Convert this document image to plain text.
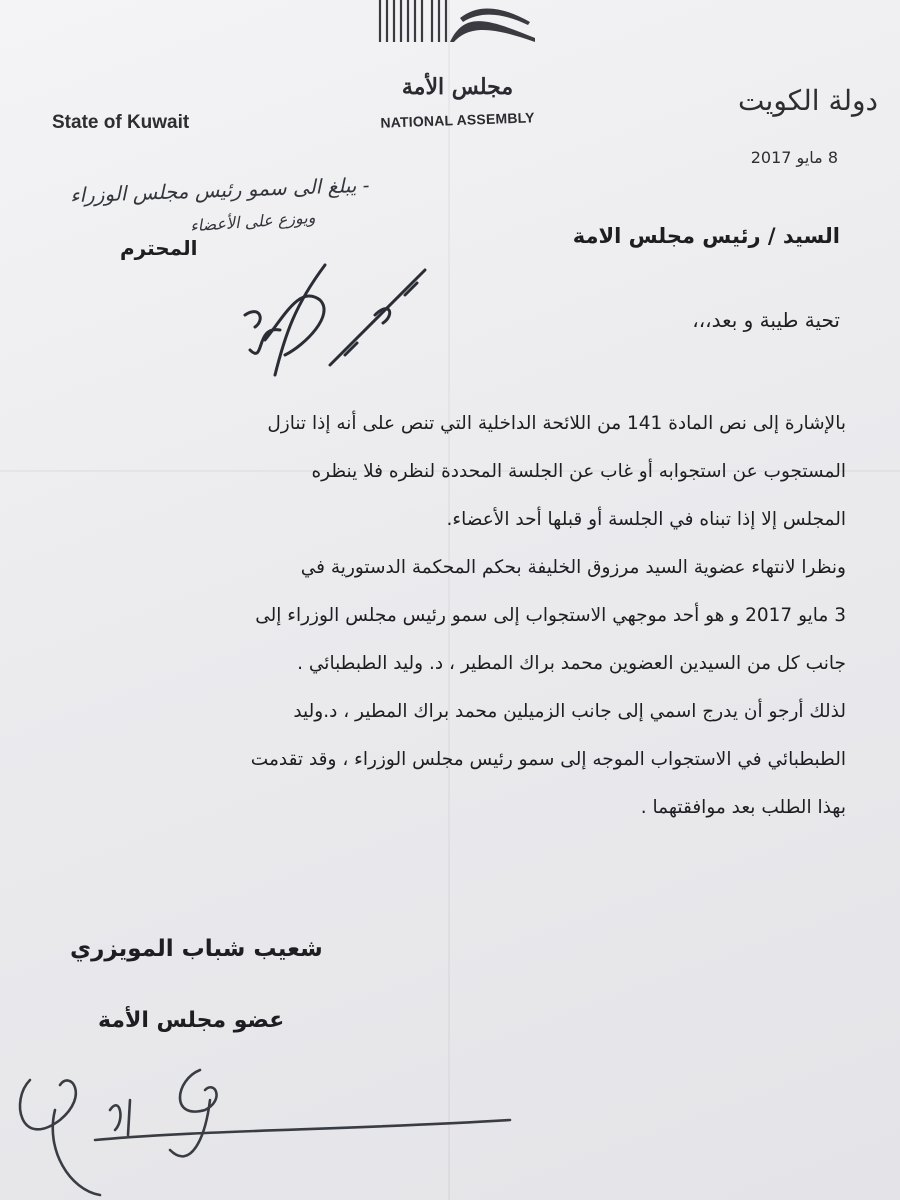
مجلس الأمة
NATIONAL ASSEMBLY
State of Kuwait
دولة الكويت
8 مايو 2017
- يبلغ الى سمو رئيس مجلس الوزراء
ويوزع على الأعضاء
المحترم	السيد / رئيس مجلس الامة
تحية طيبة و بعد،،،
بالإشارة إلى نص المادة 141 من اللائحة الداخلية التي تنص على أنه إذا تنازل
المستجوب عن استجوابه أو غاب عن الجلسة المحددة لنظره فلا ينظره
المجلس إلا إذا تبناه في الجلسة أو قبلها أحد الأعضاء.
ونظرا لانتهاء عضوية السيد مرزوق الخليفة بحكم المحكمة الدستورية في
3 مايو 2017 و هو أحد موجهي الاستجواب إلى سمو رئيس مجلس الوزراء إلى
جانب كل من السيدين العضوين محمد براك المطير ، د. وليد الطبطبائي .
لذلك أرجو أن يدرج اسمي إلى جانب الزميلين محمد براك المطير ، د.وليد
الطبطبائي في الاستجواب الموجه إلى سمو رئيس مجلس الوزراء ، وقد تقدمت
بهذا الطلب بعد موافقتهما .
شعيب شباب المويزري
عضو مجلس الأمة
